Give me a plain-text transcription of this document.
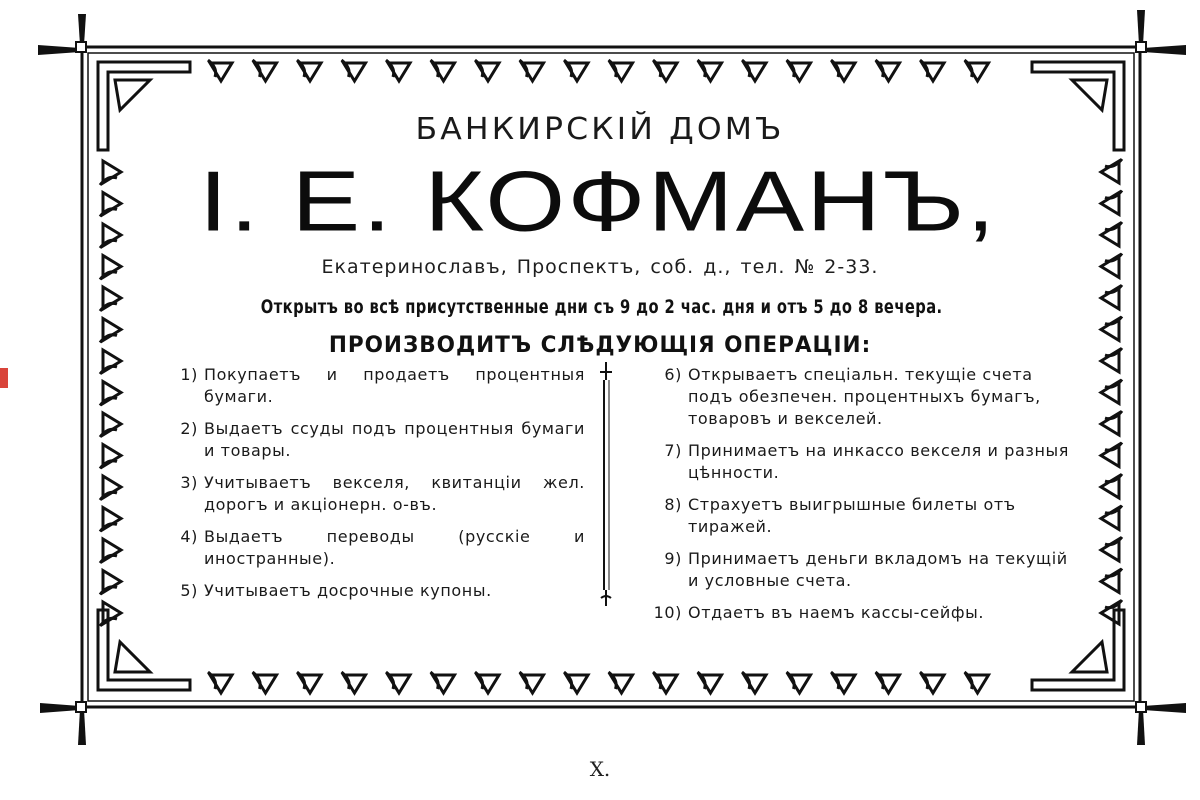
БАНКИРСКІЙ ДОМЪ
І. Е. КОФМАНЪ,
Екатеринославъ, Проспектъ, соб. д., тел. № 2-33.
Открытъ во всѣ присутственные дни съ 9 до 2 час. дня и отъ 5 до 8 вечера.
ПРОИЗВОДИТЪ СЛѢДУЮЩІЯ ОПЕРАЦІИ:
1) Покупаетъ и продаетъ процентныя бумаги.
2) Выдаетъ ссуды подъ процентныя бумаги и товары.
3) Учитываетъ векселя, квитанціи жел. дорогъ и акціонерн. о-въ.
4) Выдаетъ переводы (русскіе и иностранные).
5) Учитываетъ досрочные купоны.
6) Открываетъ спеціальн. текущіе счета подъ обезпечен. процентныхъ бумагъ, товаровъ и векселей.
7) Принимаетъ на инкассо векселя и разныя цѣнности.
8) Страхуетъ выигрышные билеты отъ тиражей.
9) Принимаетъ деньги вкладомъ на текущій и условные счета.
10) Отдаетъ въ наемъ кассы-сейфы.
X.
